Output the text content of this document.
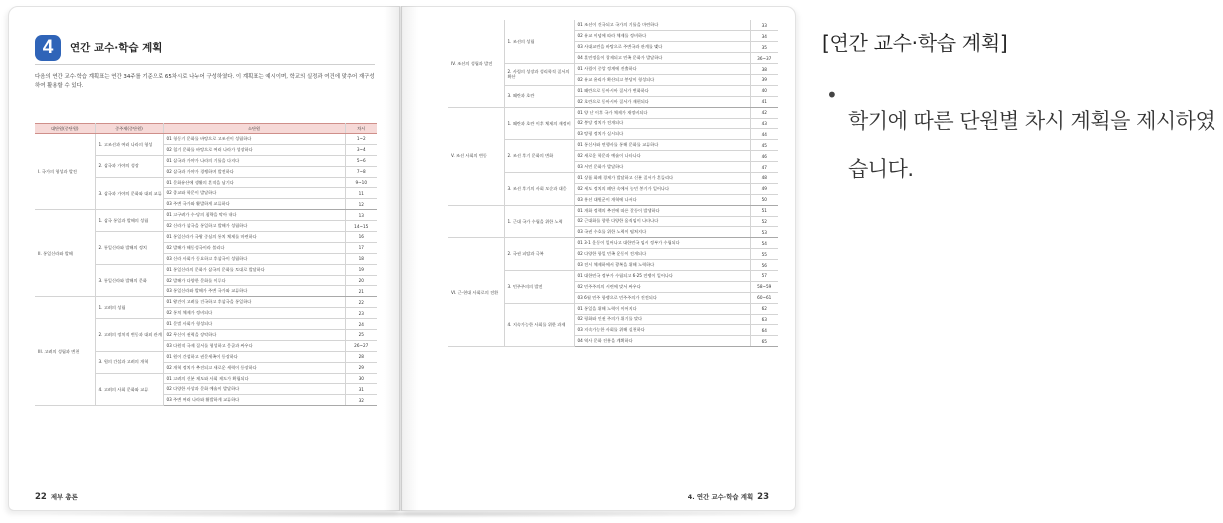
4	연간 교수·학습 계획
다음의 연간 교수·학습 계획표는 연간 34주를 기준으로 65차시로 나누어 구성하였다. 이 계획표는 예시이며, 학교의 실정과 여건에 맞추어 재구성하여 활용할 수 있다.
대단원(중단원)	중주제(중단원)	소단원	차시
I. 국가의 형성과 발전	1. 고조선과 여러 나라의 형성	01 청동기 문화를 바탕으로 고조선이 성립하다	1~2
		02 철기 문화를 바탕으로 여러 나라가 성장하다	3~4
	2. 삼국과 가야의 성장	01 삼국과 가야가 나라의 기틀을 다지다	5~6
		02 삼국과 가야가 경쟁하며 발전하다	7~8
	3. 삼국과 가야의 문화와 대외 교류	01 문화유산에 생활의 흔적을 남기다	9~10
		02 종교와 학문이 발달하다	11
		03 주변 국가와 활발하게 교류하다	12
II. 통일신라와 발해	1. 삼국 통일과 발해의 성립	01 고구려가 수·당의 침략을 막아 내다	13
		02 신라가 삼국을 통일하고 발해가 성립하다	14~15
	2. 통일신라와 발해의 정치	01 통일신라가 국왕 중심의 통치 체제를 마련하다	16
		02 발해가 해동성국이라 불리다	17
		03 신라 사회가 동요하고 후삼국이 성립하다	18
	3. 통일신라와 발해의 문화	01 통일신라의 문화가 삼국의 문화를 토대로 발달하다	19
		02 발해가 다양한 문화를 이루다	20
		03 통일신라와 발해가 주변 국가와 교류하다	21
III. 고려의 성립과 변천	1. 고려의 성립	01 왕건이 고려를 건국하고 후삼국을 통일하다	22
		02 통치 체제가 정비되다	23
	2. 고려의 정치적 변동과 대외 관계	01 문벌 사회가 형성되다	24
		02 무신이 권력을 장악하다	25
		03 다원적 국제 질서를 형성하고 몽골과 싸우다	26~27
	3. 원의 간섭과 고려의 개혁	01 원이 간섭하고 권문세족이 등장하다	28
		02 개혁 정치가 추진되고 새로운 세력이 등장하다	29
	4. 고려의 사회 문화와 교류	01 고려의 신분 제도와 사회 제도가 확립되다	30
		02 다양한 사상과 문화 예술이 발달하다	31
		03 주변 여러 나라와 활발하게 교류하다	32
22 제부 총론	4. 연간 교수·학습 계획 23
IV. 조선의 성립과 발전	1. 조선의 성립	01 조선이 건국되고 국가의 기틀을 마련하다	33
		02 유교 이념에 따라 체제를 정비하다	34
		03 사대교린을 바탕으로 주변국과 관계를 맺다	35
		04 훈민정음이 창제되고 민족 문화가 발달하다	36~37
	2. 사림의 성장과 성리학적 질서의 확산	01 사림이 중앙 정계에 진출하다	38
		02 유교 윤리가 확산되고 붕당이 형성되다	39
	3. 왜란과 호란	01 왜란으로 동아시아 질서가 변화하다	40
		02 호란으로 동아시아 질서가 재편되다	41
V. 조선 사회의 변동	1. 왜란과 호란 이후 체제의 재정비	01 양 난 이후 국가 체제가 재정비되다	42
		02 붕당 정치가 전개되다	43
		03 탕평 정치가 실시되다	44
	2. 조선 후기 문화의 변화	01 통신사와 연행사를 통해 문화를 교류하다	45
		02 새로운 학문과 예술이 나타나다	46
		03 서민 문화가 발달하다	47
	3. 조선 후기의 사회 모순과 대응	01 상품 화폐 경제가 발달하고 신분 질서가 흔들리다	48
		02 세도 정치의 폐단 속에서 농민 봉기가 일어나다	49
		03 흥선 대원군이 개혁에 나서다	50
	1. 근대 국가 수립을 위한 노력	01 개화 정책의 추진에 따른 갈등이 발생하다	51
		02 근대화를 향한 다양한 움직임이 나타나다	52
		03 국권 수호를 위한 노력이 펼쳐지다	53
VI. 근·현대 사회로의 전환	2. 국권 피탈과 극복	01 3·1 운동이 일어나고 대한민국 임시 정부가 수립되다	54
		02 다양한 항일 민족 운동이 전개되다	55
		03 전시 체제하에서 광복을 위해 노력하다	56
	3. 민주주의의 발전	01 대한민국 정부가 수립되고 6·25 전쟁이 일어나다	57
		02 민주주의의 시련에 맞서 싸우다	58~59
		03 6월 민주 항쟁으로 민주주의가 진전되다	60~61
	4. 지속가능한 사회를 위한 과제	01 통일을 위해 노력이 이어지다	62
		02 평화와 인권 주의가 위기를 맞다	63
		03 지속가능한 사회를 위해 실천하다	64
		04 역사 문화 진흥을 계획하다	65
[연간 교수·학습 계획]
•
학기에 따른 단원별 차시 계획을 제시하였습니다.
